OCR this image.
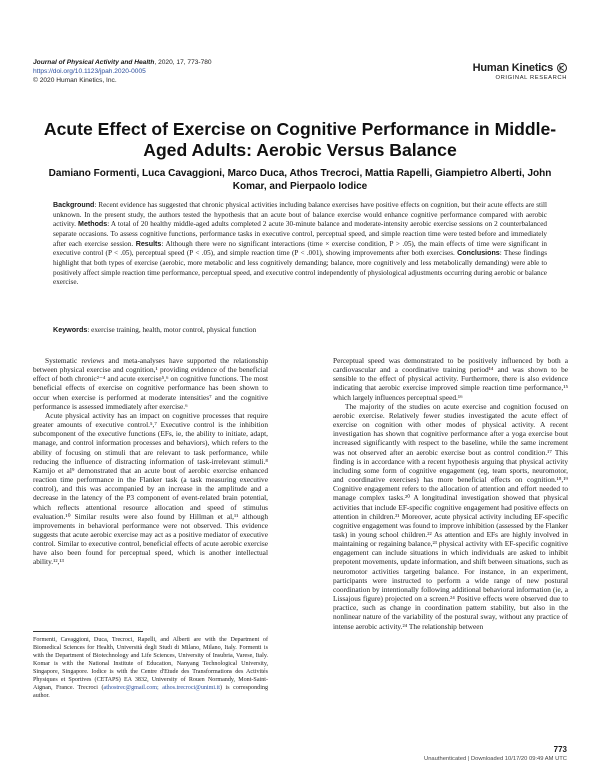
Journal of Physical Activity and Health, 2020, 17, 773-780
https://doi.org/10.1123/jpah.2020-0005
© 2020 Human Kinetics, Inc.
Human Kinetics
ORIGINAL RESEARCH
Acute Effect of Exercise on Cognitive Performance in Middle-Aged Adults: Aerobic Versus Balance
Damiano Formenti, Luca Cavaggioni, Marco Duca, Athos Trecroci, Mattia Rapelli, Giampietro Alberti, John Komar, and Pierpaolo Iodice
Background: Recent evidence has suggested that chronic physical activities including balance exercises have positive effects on cognition, but their acute effects are still unknown. In the present study, the authors tested the hypothesis that an acute bout of balance exercise would enhance cognitive performance compared with aerobic activity. Methods: A total of 20 healthy middle-aged adults completed 2 acute 30-minute balance and moderate-intensity aerobic exercise sessions on 2 counterbalanced separate occasions. To assess cognitive functions, performance tasks in executive control, perceptual speed, and simple reaction time were tested before and immediately after each exercise session. Results: Although there were no significant interactions (time × exercise condition, P > .05), the main effects of time were significant in executive control (P < .05), perceptual speed (P < .05), and simple reaction time (P < .001), showing improvements after both exercises. Conclusions: These findings highlight that both types of exercise (aerobic, more metabolic and less cognitively demanding; balance, more cognitively and less metabolically demanding) were able to positively affect simple reaction time performance, perceptual speed, and executive control independently of physiological adjustments occurring during aerobic or balance exercise.
Keywords: exercise training, health, motor control, physical function

Systematic reviews and meta-analyses have supported the relationship between physical exercise and cognition,¹ providing evidence of the beneficial effect of both chronic²⁻⁴ and acute exercise⁵,⁶ on cognitive functions. The most beneficial effects of exercise on cognitive performance has been shown to occur when exercise is performed at moderate intensities⁷ and the cognitive performance is assessed immediately after exercise.⁶

Acute physical activity has an impact on cognitive processes that require greater amounts of executive control.⁵,⁷ Executive control is the inhibition subcomponent of the executive functions (EFs, ie, the ability to initiate, adapt, manage, and control information processes and behaviors), which refers to the ability of focusing on stimuli that are relevant to task performance, while reducing the influence of distracting information of task-irrelevant stimuli.⁸ Kamijo et al⁹ demonstrated that an acute bout of aerobic exercise enhanced reaction time performance in the Flanker task (a task measuring executive control), and this was accompanied by an increase in the amplitude and a decrease in the latency of the P3 component of event-related brain potential, which reflects attentional resource allocation and speed of stimulus evaluation.¹⁰ Similar results were also found by Hillman et al,¹¹ although improvements in behavioral performance were not observed. This evidence suggests that acute aerobic exercise may act as a positive mediator of executive control. Similar to executive control, beneficial effects of acute aerobic exercise have also been found for perceptual speed, which is another intellectual ability.¹²,¹³

Perceptual speed was demonstrated to be positively influenced by both a cardiovascular and a coordinative training period¹⁴ and was shown to be sensible to the effect of physical activity. Furthermore, there is also evidence indicating that aerobic exercise improved simple reaction time performance,¹⁵ which largely influences perceptual speed.¹⁶

The majority of the studies on acute exercise and cognition focused on aerobic exercise. Relatively fewer studies investigated the acute effect of exercise on cognition with other modes of physical activity. A recent investigation has shown that cognitive performance after a yoga exercise bout increased significantly with respect to the baseline, while the same increment was not observed after an aerobic exercise bout as control condition.¹⁷ This finding is in accordance with a recent hypothesis arguing that physical activity including some form of cognitive engagement (eg, team sports, neuromotor, and coordinative exercises) has more beneficial effects on cognition.¹⁸,¹⁹ Cognitive engagement refers to the allocation of attention and effort needed to manage complex tasks.²⁰ A longitudinal investigation showed that physical activities that include EF-specific cognitive engagement had positive effects on attention in children.²¹ Moreover, acute physical activity including EF-specific cognitive engagement was found to improve inhibition (assessed by the Flanker task) in young school children.²² As attention and EFs are highly involved in maintaining or regaining balance,²³ physical activity with EF-specific cognitive engagement can include situations in which individuals are asked to inhibit prepotent movements, update information, and shift between situations, such as neuromotor activities targeting balance. For instance, in an experiment, participants were instructed to perform a wide range of new postural coordination by intentionally following additional behavioral information (ie, a Lissajous figure) projected on a screen.²⁴ Positive effects were observed due to practice, such as change in coordination pattern stability, but also in the nonlinear nature of the variability of the postural sway, without any practice of intense aerobic activity.²⁴ The relationship between

Formenti, Cavaggioni, Duca, Trecroci, Rapelli, and Alberti are with the Department of Biomedical Sciences for Health, Università degli Studi di Milano, Milano, Italy. Formenti is with the Department of Biotechnology and Life Sciences, University of Insubria, Varese, Italy. Komar is with the National Institute of Education, Nanyang Technological University, Singapore, Singapore. Iodice is with the Centre d'Etude des Transformations des Activités Physiques et Sportives (CETAPS) EA 3832, University of Rouen Normandy, Mont-Saint-Aignan, France. Trecroci (athostrec@gmail.com; athos.trecroci@unimi.it) is corresponding author.
773
Unauthenticated | Downloaded 10/17/20 09:49 AM UTC
